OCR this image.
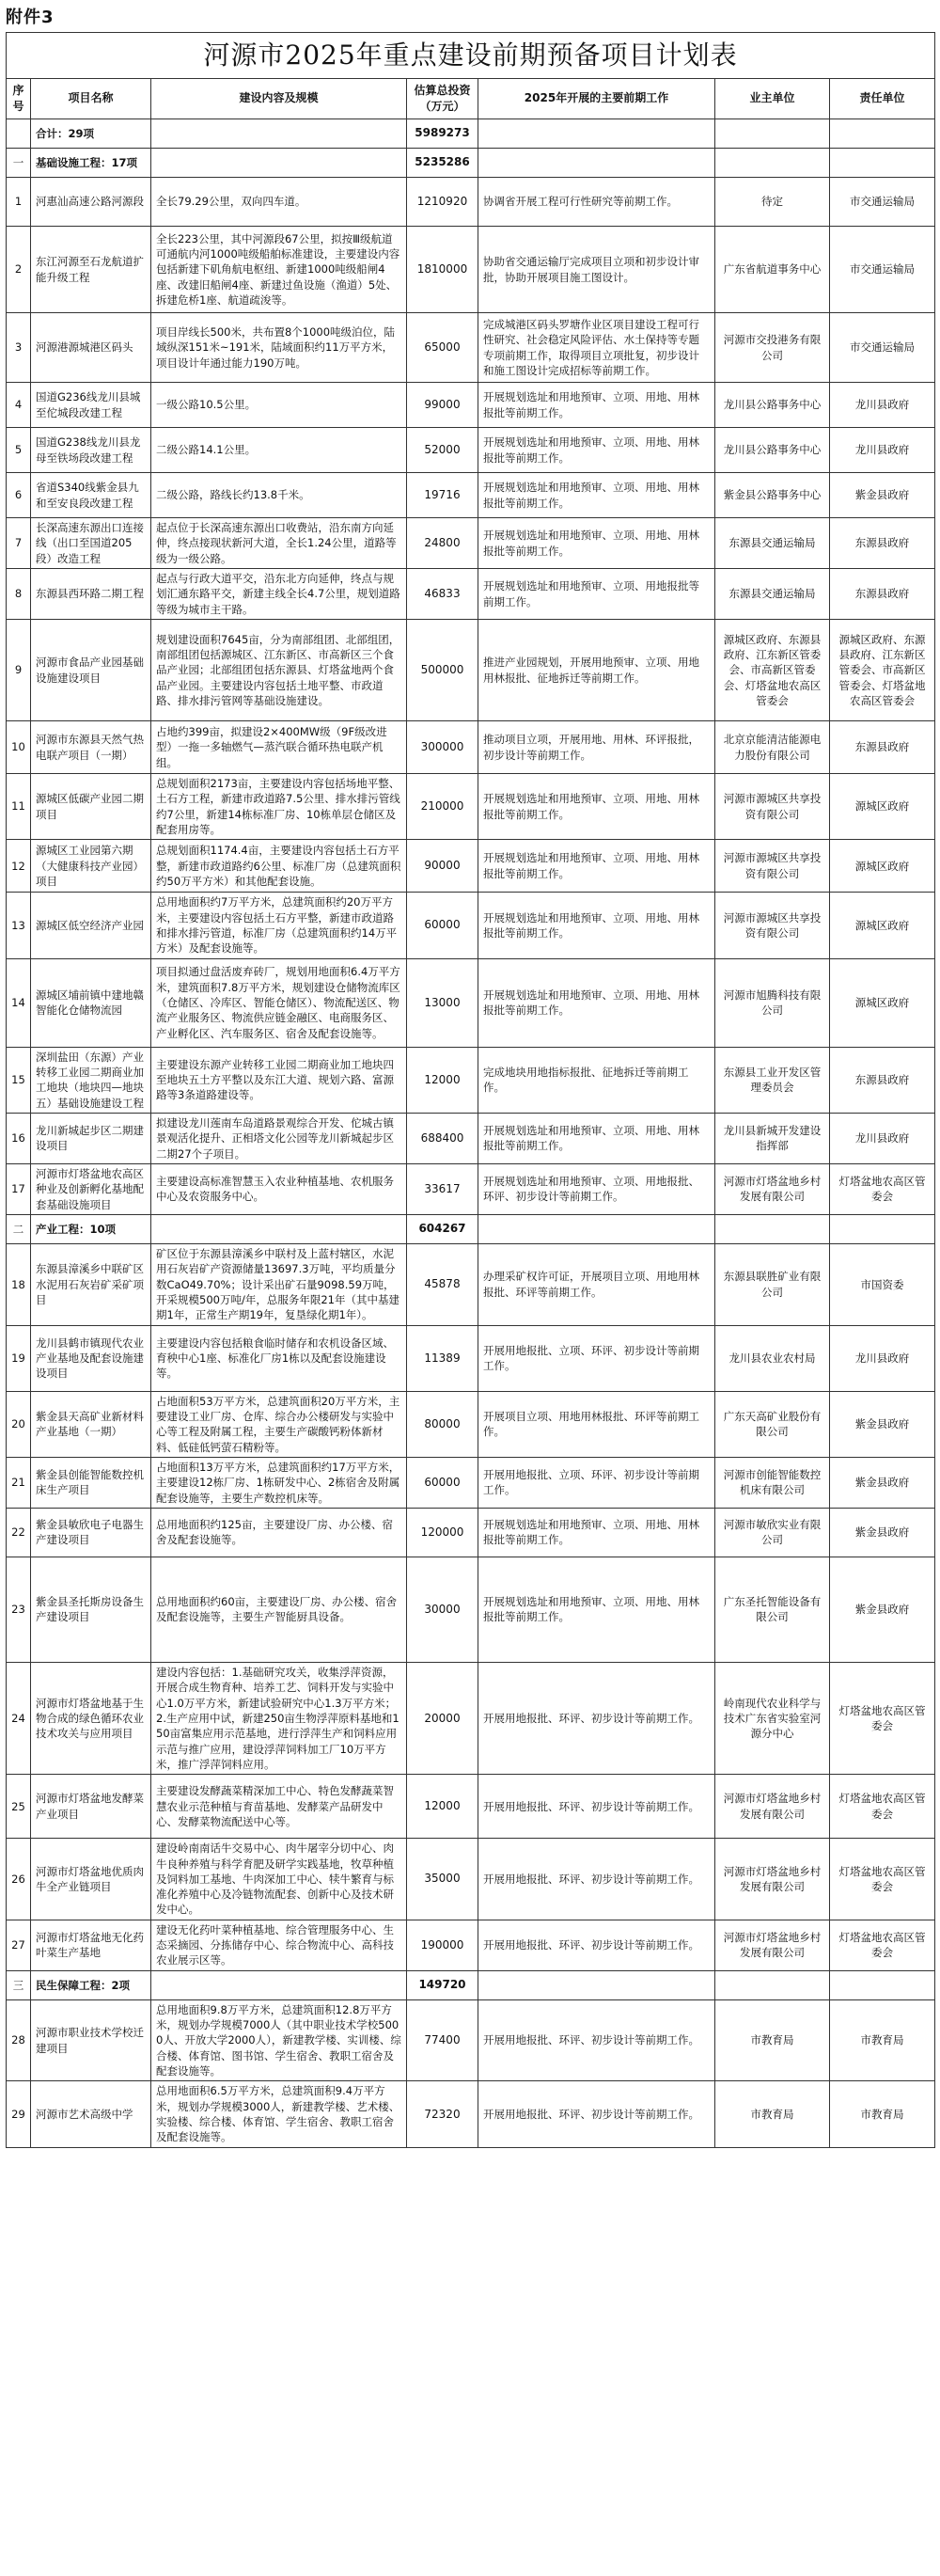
附件3
河源市2025年重点建设前期预备项目计划表						
序号	项目名称	建设内容及规模	估算总投资（万元）	2025年开展的主要前期工作	业主单位	责任单位
	合计：29项		5989273			
一	基础设施工程：17项		5235286			
1	河惠汕高速公路河源段	全长79.29公里，双向四车道。	1210920	协调省开展工程可行性研究等前期工作。	待定	市交通运输局
2	东江河源至石龙航道扩能升级工程	全长223公里，其中河源段67公里，拟按Ⅲ级航道可通航内河1000吨级船舶标准建设，主要建设内容包括新建下矶角航电枢纽、新建1000吨级船闸4座、改建旧船闸4座、新建过鱼设施（渔道）5处、拆建危桥1座、航道疏浚等。	1810000	协助省交通运输厅完成项目立项和初步设计审批，协助开展项目施工图设计。	广东省航道事务中心	市交通运输局
3	河源港源城港区码头	项目岸线长500米，共布置8个1000吨级泊位，陆域纵深151米~191米，陆域面积约11万平方米，项目设计年通过能力190万吨。	65000	完成城港区码头罗塘作业区项目建设工程可行性研究、社会稳定风险评估、水土保持等专题专项前期工作，取得项目立项批复，初步设计和施工图设计完成招标等前期工作。	河源市交投港务有限公司	市交通运输局
4	国道G236线龙川县城至佗城段改建工程	一级公路10.5公里。	99000	开展规划选址和用地预审、立项、用地、用林报批等前期工作。	龙川县公路事务中心	龙川县政府
5	国道G238线龙川县龙母至铁场段改建工程	二级公路14.1公里。	52000	开展规划选址和用地预审、立项、用地、用林报批等前期工作。	龙川县公路事务中心	龙川县政府
6	省道S340线紫金县九和至安良段改建工程	二级公路，路线长约13.8千米。	19716	开展规划选址和用地预审、立项、用地、用林报批等前期工作。	紫金县公路事务中心	紫金县政府
7	长深高速东源出口连接线（出口至国道205段）改造工程	起点位于长深高速东源出口收费站，沿东南方向延伸，终点接现状新河大道，全长1.24公里，道路等级为一级公路。	24800	开展规划选址和用地预审、立项、用地、用林报批等前期工作。	东源县交通运输局	东源县政府
8	东源县西环路二期工程	起点与行政大道平交，沿东北方向延伸，终点与规划汇通东路平交，新建主线全长4.7公里，规划道路等级为城市主干路。	46833	开展规划选址和用地预审、立项、用地报批等前期工作。	东源县交通运输局	东源县政府
9	河源市食品产业园基础设施建设项目	规划建设面积7645亩，分为南部组团、北部组团，南部组团包括源城区、江东新区、市高新区三个食品产业园；北部组团包括东源县、灯塔盆地两个食品产业园。主要建设内容包括土地平整、市政道路、排水排污管网等基础设施建设。	500000	推进产业园规划，开展用地预审、立项、用地用林报批、征地拆迁等前期工作。	源城区政府、东源县政府、江东新区管委会、市高新区管委会、灯塔盆地农高区管委会	源城区政府、东源县政府、江东新区管委会、市高新区管委会、灯塔盆地农高区管委会
10	河源市东源县天然气热电联产项目（一期）	占地约399亩，拟建设2×400MW级（9F级改进型）一拖一多轴燃气—蒸汽联合循环热电联产机组。	300000	推动项目立项，开展用地、用林、环评报批，初步设计等前期工作。	北京京能清洁能源电力股份有限公司	东源县政府
11	源城区低碳产业园二期项目	总规划面积2173亩，主要建设内容包括场地平整、土石方工程，新建市政道路7.5公里、排水排污管线约7公里，新建14栋标准厂房、10栋单层仓储区及配套用房等。	210000	开展规划选址和用地预审、立项、用地、用林报批等前期工作。	河源市源城区共享投资有限公司	源城区政府
12	源城区工业园第六期（大健康科技产业园）项目	总规划面积1174.4亩，主要建设内容包括土石方平整，新建市政道路约6公里、标准厂房（总建筑面积约50万平方米）和其他配套设施。	90000	开展规划选址和用地预审、立项、用地、用林报批等前期工作。	河源市源城区共享投资有限公司	源城区政府
13	源城区低空经济产业园	总用地面积约7万平方米，总建筑面积约20万平方米，主要建设内容包括土石方平整，新建市政道路和排水排污管道，标准厂房（总建筑面积约14万平方米）及配套设施等。	60000	开展规划选址和用地预审、立项、用地、用林报批等前期工作。	河源市源城区共享投资有限公司	源城区政府
14	源城区埔前镇中建地赣智能化仓储物流园	项目拟通过盘活废弃砖厂，规划用地面积6.4万平方米，建筑面积7.8万平方米，规划建设仓储物流库区（仓储区、冷库区、智能仓储区）、物流配送区、物流产业服务区、物流供应链金融区、电商服务区、产业孵化区、汽车服务区、宿舍及配套设施等。	13000	开展规划选址和用地预审、立项、用地、用林报批等前期工作。	河源市旭腾科技有限公司	源城区政府
15	深圳盐田（东源）产业转移工业园二期商业加工地块（地块四—地块五）基础设施建设工程	主要建设东源产业转移工业园二期商业加工地块四至地块五土方平整以及东江大道、规划六路、富源路等3条道路建设等。	12000	完成地块用地指标报批、征地拆迁等前期工作。	东源县工业开发区管理委员会	东源县政府
16	龙川新城起步区二期建设项目	拟建设龙川莲南车岛道路景观综合开发、佗城古镇景观活化提升、正相塔文化公园等龙川新城起步区二期27个子项目。	688400	开展规划选址和用地预审、立项、用地、用林报批等前期工作。	龙川县新城开发建设指挥部	龙川县政府
17	河源市灯塔盆地农高区种业及创新孵化基地配套基础设施项目	主要建设高标准智慧玉入农业种植基地、农机服务中心及农资服务中心。	33617	开展规划选址和用地预审、立项、用地报批、环评、初步设计等前期工作。	河源市灯塔盆地乡村发展有限公司	灯塔盆地农高区管委会
二	产业工程：10项		604267			
18	东源县漳溪乡中联矿区水泥用石灰岩矿采矿项目	矿区位于东源县漳溪乡中联村及上蓝村辖区，水泥用石灰岩矿产资源储量13697.3万吨，平均质量分数CaO49.70%；设计采出矿石量9098.59万吨，开采规模500万吨/年，总服务年限21年（其中基建期1年，正常生产期19年，复垦绿化期1年）。	45878	办理采矿权许可证，开展项目立项、用地用林报批、环评等前期工作。	东源县联胜矿业有限公司	市国资委
19	龙川县鹤市镇现代农业产业基地及配套设施建设项目	主要建设内容包括粮食临时储存和农机设备区域、育秧中心1座、标准化厂房1栋以及配套设施建设等。	11389	开展用地报批、立项、环评、初步设计等前期工作。	龙川县农业农村局	龙川县政府
20	紫金县天高矿业新材料产业基地（一期）	占地面积53万平方米，总建筑面积20万平方米，主要建设工业厂房、仓库、综合办公楼研发与实验中心等工程及附属工程，主要生产碳酸钙粉体新材料、低硅低钙萤石精粉等。	80000	开展项目立项、用地用林报批、环评等前期工作。	广东天高矿业股份有限公司	紫金县政府
21	紫金县创能智能数控机床生产项目	占地面积13万平方米，总建筑面积约17万平方米，主要建设12栋厂房、1栋研发中心、2栋宿舍及附属配套设施等，主要生产数控机床等。	60000	开展用地报批、立项、环评、初步设计等前期工作。	河源市创能智能数控机床有限公司	紫金县政府
22	紫金县敏欣电子电器生产建设项目	总用地面积约125亩，主要建设厂房、办公楼、宿舍及配套设施等。	120000	开展规划选址和用地预审、立项、用地、用林报批等前期工作。	河源市敏欣实业有限公司	紫金县政府
23	紫金县圣托斯房设备生产建设项目	总用地面积约60亩，主要建设厂房、办公楼、宿舍及配套设施等，主要生产智能厨具设备。	30000	开展规划选址和用地预审、立项、用地、用林报批等前期工作。	广东圣托智能设备有限公司	紫金县政府
24	河源市灯塔盆地基于生物合成的绿色循环农业技术攻关与应用项目	建设内容包括：1.基础研究攻关，收集浮萍资源，开展合成生物育种、培养工艺、饲料开发与实验中心1.0万平方米，新建试验研究中心1.3万平方米；2.生产应用中试，新建250亩生物浮萍原料基地和150亩富集应用示范基地，进行浮萍生产和饲料应用示范与推广应用，建设浮萍饲料加工厂10万平方米，推广浮萍饲料应用。	20000	开展用地报批、环评、初步设计等前期工作。	岭南现代农业科学与技术广东省实验室河源分中心	灯塔盆地农高区管委会
25	河源市灯塔盆地发酵菜产业项目	主要建设发酵蔬菜精深加工中心、特色发酵蔬菜智慧农业示范种植与育苗基地、发酵菜产品研发中心、发酵菜物流配送中心等。	12000	开展用地报批、环评、初步设计等前期工作。	河源市灯塔盆地乡村发展有限公司	灯塔盆地农高区管委会
26	河源市灯塔盆地优质肉牛全产业链项目	建设岭南南话牛交易中心、肉牛屠宰分切中心、肉牛良种养殖与科学育肥及研学实践基地，牧草种植及饲料加工基地、牛肉深加工中心、犊牛繁育与标准化养殖中心及冷链物流配套、创新中心及技术研发中心。	35000	开展用地报批、环评、初步设计等前期工作。	河源市灯塔盆地乡村发展有限公司	灯塔盆地农高区管委会
27	河源市灯塔盆地无化药叶菜生产基地	建设无化药叶菜种植基地、综合管理服务中心、生态采摘园、分拣储存中心、综合物流中心、高科技农业展示区等。	190000	开展用地报批、环评、初步设计等前期工作。	河源市灯塔盆地乡村发展有限公司	灯塔盆地农高区管委会
三	民生保障工程：2项		149720			
28	河源市职业技术学校迁建项目	总用地面积9.8万平方米，总建筑面积12.8万平方米，规划办学规模7000人（其中职业技术学校5000人、开放大学2000人），新建教学楼、实训楼、综合楼、体育馆、图书馆、学生宿舍、教职工宿舍及配套设施等。	77400	开展用地报批、环评、初步设计等前期工作。	市教育局	市教育局
29	河源市艺术高级中学	总用地面积6.5万平方米，总建筑面积9.4万平方米，规划办学规模3000人，新建教学楼、艺术楼、实验楼、综合楼、体育馆、学生宿舍、教职工宿舍及配套设施等。	72320	开展用地报批、环评、初步设计等前期工作。	市教育局	市教育局
